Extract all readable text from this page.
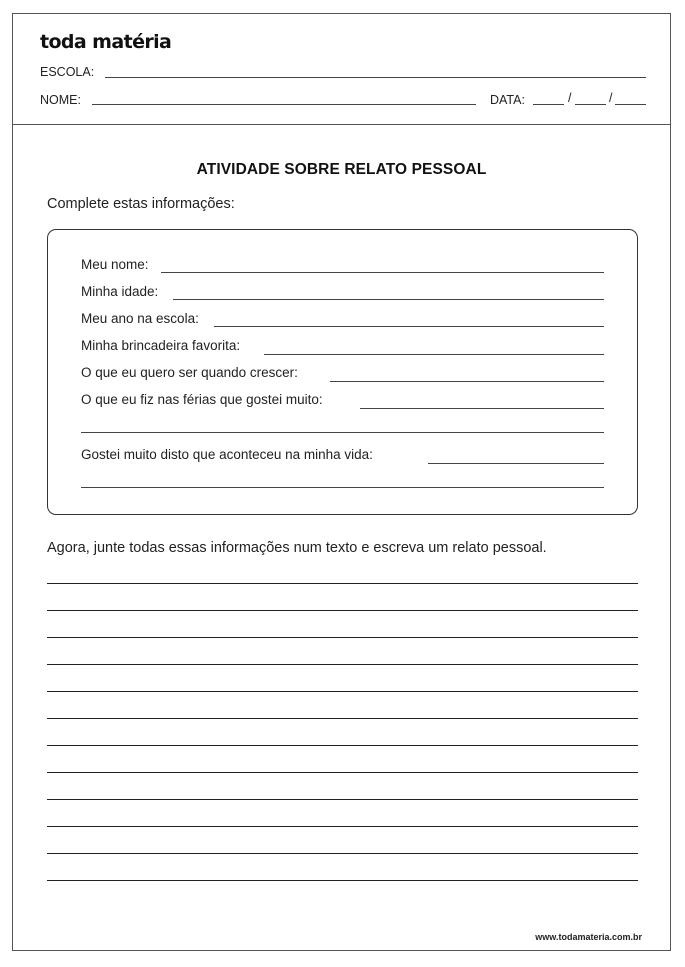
toda matéria
ESCOLA:
NOME:	DATA:	/	/
ATIVIDADE SOBRE RELATO PESSOAL
Complete estas informações:
Meu nome:
Minha idade:
Meu ano na escola:
Minha brincadeira favorita:
O que eu quero ser quando crescer:
O que eu fiz nas férias que gostei muito:
Gostei muito disto que aconteceu na minha vida:
Agora, junte todas essas informações num texto e escreva um relato pessoal.
www.todamateria.com.br
